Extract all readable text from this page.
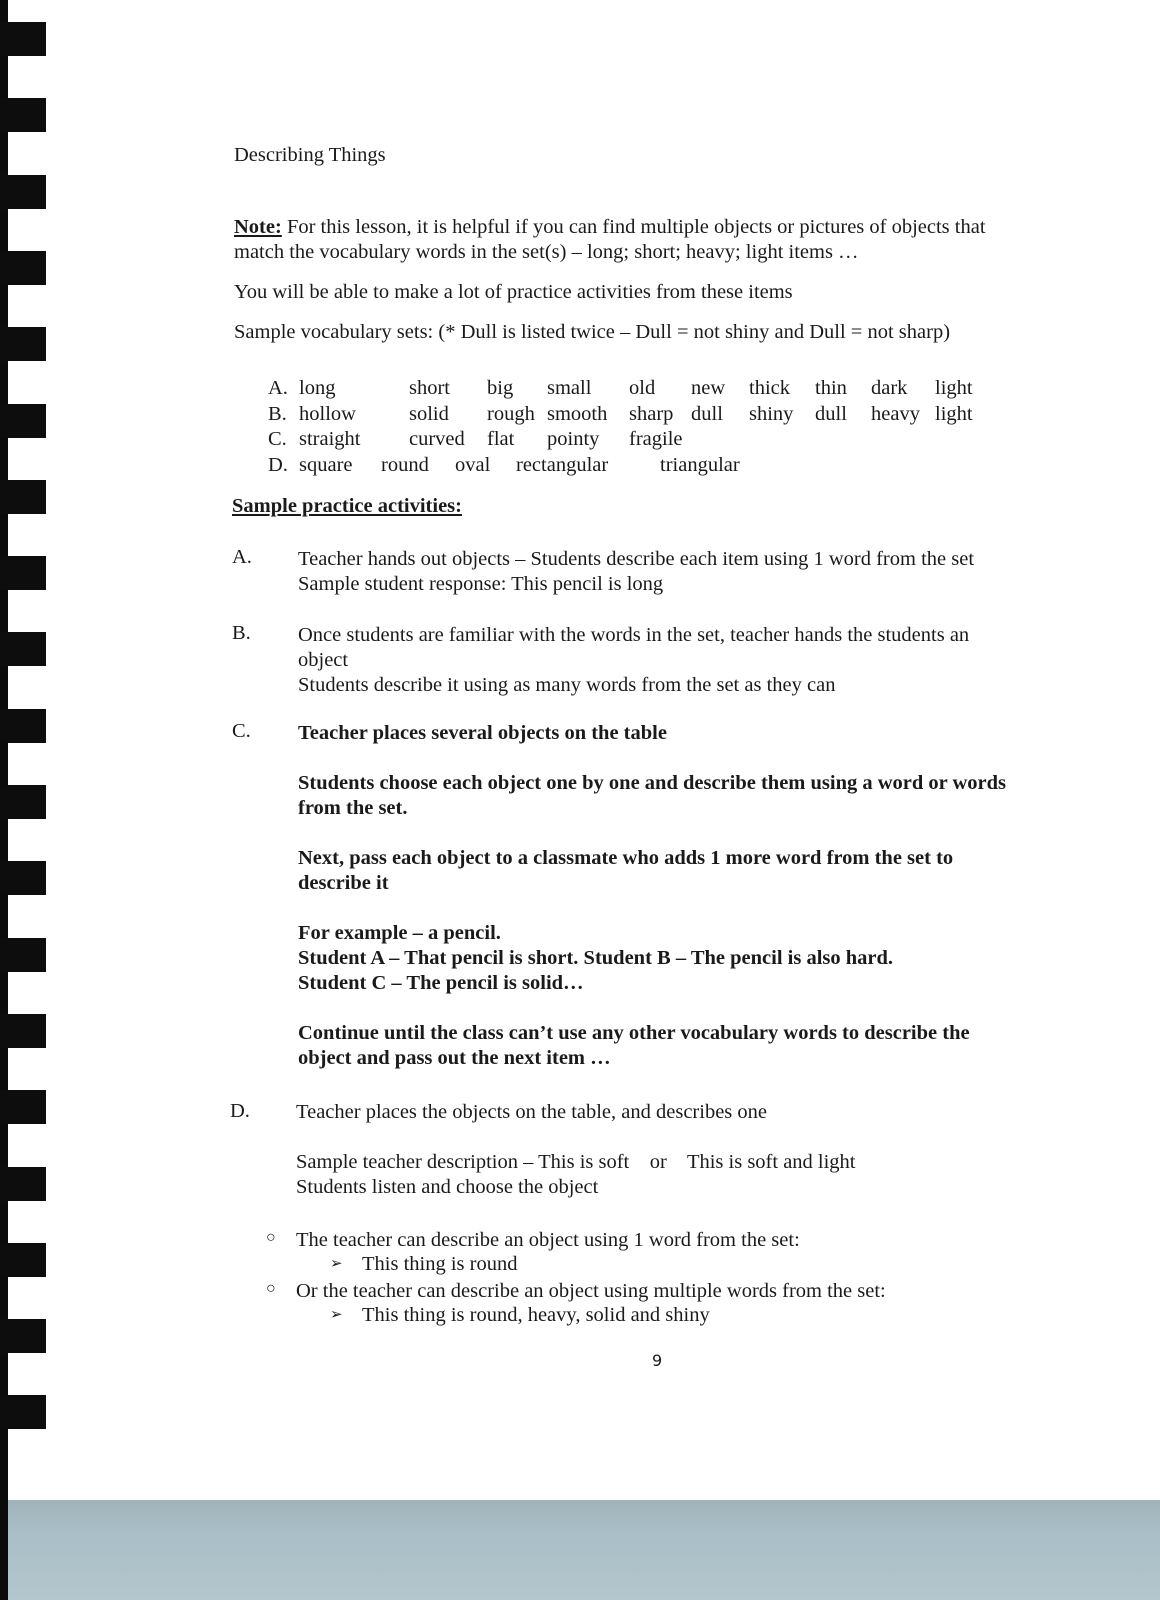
Describing Things
Note: For this lesson, it is helpful if you can find multiple objects or pictures of objects that
match the vocabulary words in the set(s) – long; short; heavy; light items …
You will be able to make a lot of practice activities from these items
Sample vocabulary sets: (* Dull is listed twice – Dull = not shiny and Dull = not sharp)
A. long	short big small old new thick thin dark light
B. hollow	solid rough smooth sharp dull shiny dull heavy light
C. straight curved flat pointy fragile
D. square round oval rectangular	triangular
Sample practice activities:
A. Teacher hands out objects – Students describe each item using 1 word from the set

Sample student response: This pencil is long

B. Once students are familiar with the words in the set, teacher hands the students an

object

Students describe it using as many words from the set as they can

C. Teacher places several objects on the table

Students choose each object one by one and describe them using a word or words

from the set.

Next, pass each object to a classmate who adds 1 more word from the set to

describe it

For example – a pencil.

Student A – That pencil is short. Student B – The pencil is also hard.

Student C – The pencil is solid…

Continue until the class can’t use any other vocabulary words to describe the

object and pass out the next item …

D. Teacher places the objects on the table, and describes one

Sample teacher description – This is soft    or    This is soft and light

Students listen and choose the object

○ The teacher can describe an object using 1 word from the set:
➢ This thing is round
○ Or the teacher can describe an object using multiple words from the set:
➢ This thing is round, heavy, solid and shiny
9
